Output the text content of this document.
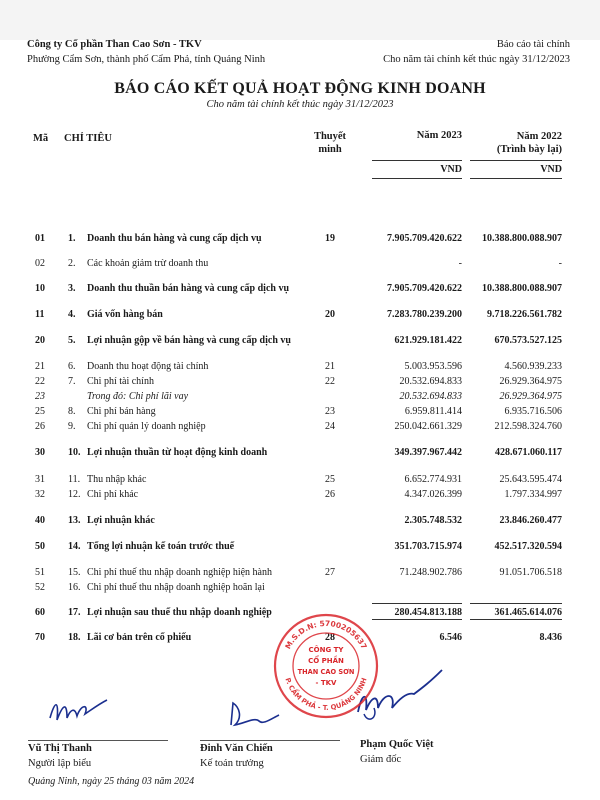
Công ty Cổ phần Than Cao Sơn - TKV
Phường Cẩm Sơn, thành phố Cẩm Phả, tỉnh Quảng Ninh
Báo cáo tài chính
Cho năm tài chính kết thúc ngày 31/12/2023
BÁO CÁO KẾT QUẢ HOẠT ĐỘNG KINH DOANH
Cho năm tài chính kết thúc ngày 31/12/2023
Mã CHỈ TIÊU	Thuyết
minh
Năm 2023	Năm 2022
(Trình bày lại)
VND	VND
01 1.	Doanh thu bán hàng và cung cấp dịch vụ	19	7.905.709.420.622	10.388.800.088.907
02 2.	Các khoản giảm trừ doanh thu	-	-
10 3.	Doanh thu thuần bán hàng và cung cấp dịch vụ	7.905.709.420.622	10.388.800.088.907
11 4.	Giá vốn hàng bán	20	7.283.780.239.200	9.718.226.561.782
20 5.	Lợi nhuận gộp về bán hàng và cung cấp dịch vụ	621.929.181.422	670.573.527.125
21 6.	Doanh thu hoạt động tài chính	21	5.003.953.596	4.560.939.233
22 7.	Chi phí tài chính	22	20.532.694.833	26.929.364.975
23	Trong đó: Chi phí lãi vay	20.532.694.833	26.929.364.975
25 8.	Chi phí bán hàng	23	6.959.811.414	6.935.716.506
26 9.	Chi phí quản lý doanh nghiệp	24	250.042.661.329	212.598.324.760
30 10. Lợi nhuận thuần từ hoạt động kinh doanh	349.397.967.442	428.671.060.117
31 11. Thu nhập khác	25	6.652.774.931	25.643.595.474
32 12. Chi phí khác	26	4.347.026.399	1.797.334.997
40 13. Lợi nhuận khác	2.305.748.532	23.846.260.477
50 14. Tổng lợi nhuận kế toán trước thuế	351.703.715.974	452.517.320.594
51 15. Chi phí thuế thu nhập doanh nghiệp hiện hành	27	71.248.902.786	91.051.706.518
52 16. Chi phí thuế thu nhập doanh nghiệp hoãn lại
60 17. Lợi nhuận sau thuế thu nhập doanh nghiệp	280.454.813.188	361.465.614.076
70 18. Lãi cơ bản trên cổ phiếu	28	6.546	8.436
M.S.D.N: 5700205637
P. CẨM PHẢ - T. QUẢNG NINH
CÔNG TY
CỔ PHẦN
THAN CAO SƠN
- TKV
Vũ Thị Thanh
Người lập biểu
Đinh Văn Chiến
Kế toán trưởng
Phạm Quốc Việt
Giám đốc
Quảng Ninh, ngày 25 tháng 03 năm 2024
